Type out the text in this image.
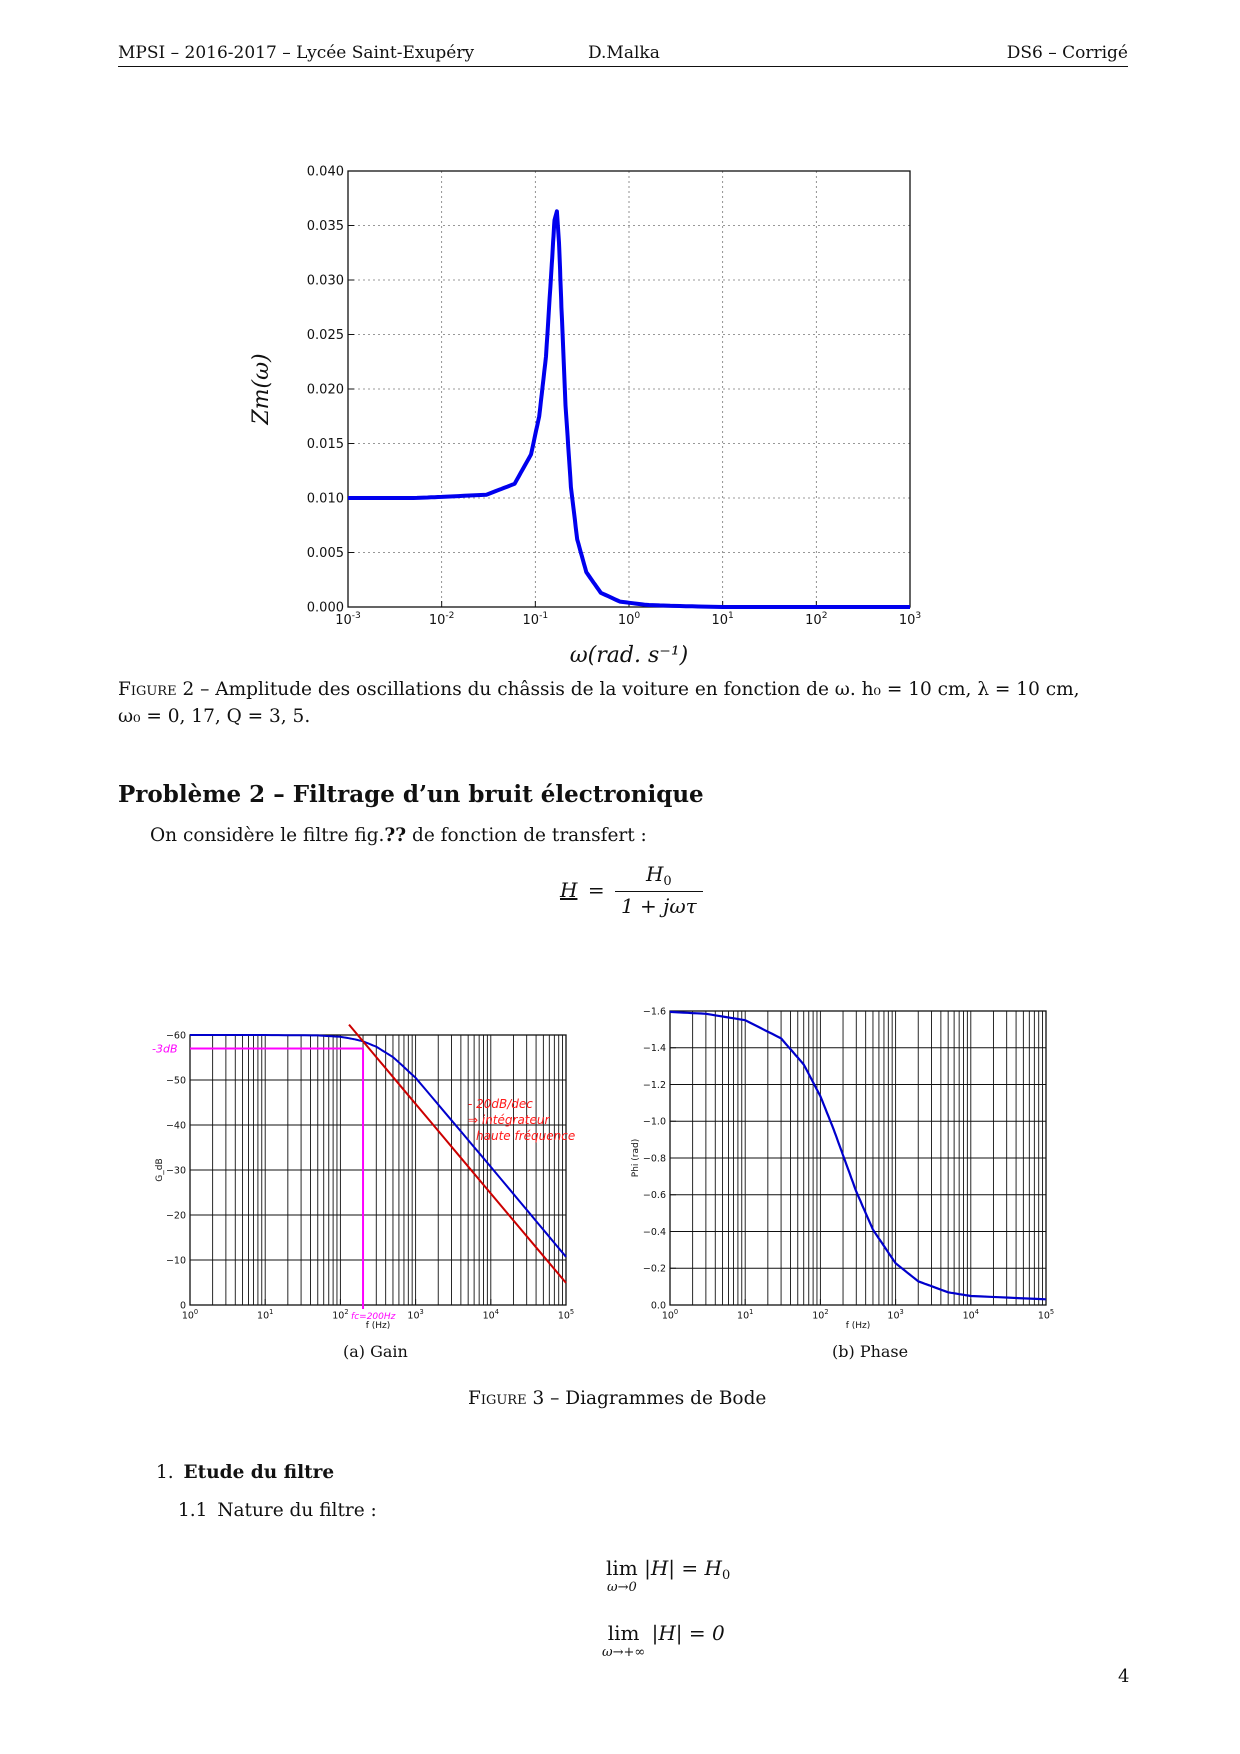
MPSI – 2016-2017 – Lycée Saint-Exupéry	D.Malka	DS6 – Corrigé
0.000
0.005
0.010
0.015
0.020
0.025
0.030
0.035
0.040
$10^{-3}$	$10^{-2}$	$10^{-1}$	$10^0$	$10^1$	$10^2$	$10^3$
ω(rad. s⁻¹)
Zm(ω)
Figure 2 – Amplitude des oscillations du châssis de la voiture en fonction de ω. h₀ = 10 cm, λ = 10 cm,
ω₀ = 0, 17, Q = 3, 5.
Problème 2 – Filtrage d’un bruit électronique
On considère le filtre fig.?? de fonction de transfert :
$H = \frac{H_0}{\text{1 + jωτ}}$
0
−10
−20
−30
−40
−50
−60
$10^0$	$10^1$	$10^2$	$10^3$	$10^4$	$10^5$
f (Hz)
G_dB
-3dB
fc=200Hz
- 20dB/dec
⇒ intégrateur
haute fréquence
0.0
−0.2
−0.4
−0.6
−0.8
−1.0
−1.2
−1.4
−1.6
$10^0$	$10^1$	$10^2$	$10^3$	$10^4$	$10^5$
f (Hz)
Phi (rad)
(a) Gain	(b) Phase
Figure 3 – Diagrammes de Bode
1. Etude du filtre
1.1 Nature du filtre :
lim
ω→0
$|H| = H_0$
lim
ω→+∞
|H| = 0
4
